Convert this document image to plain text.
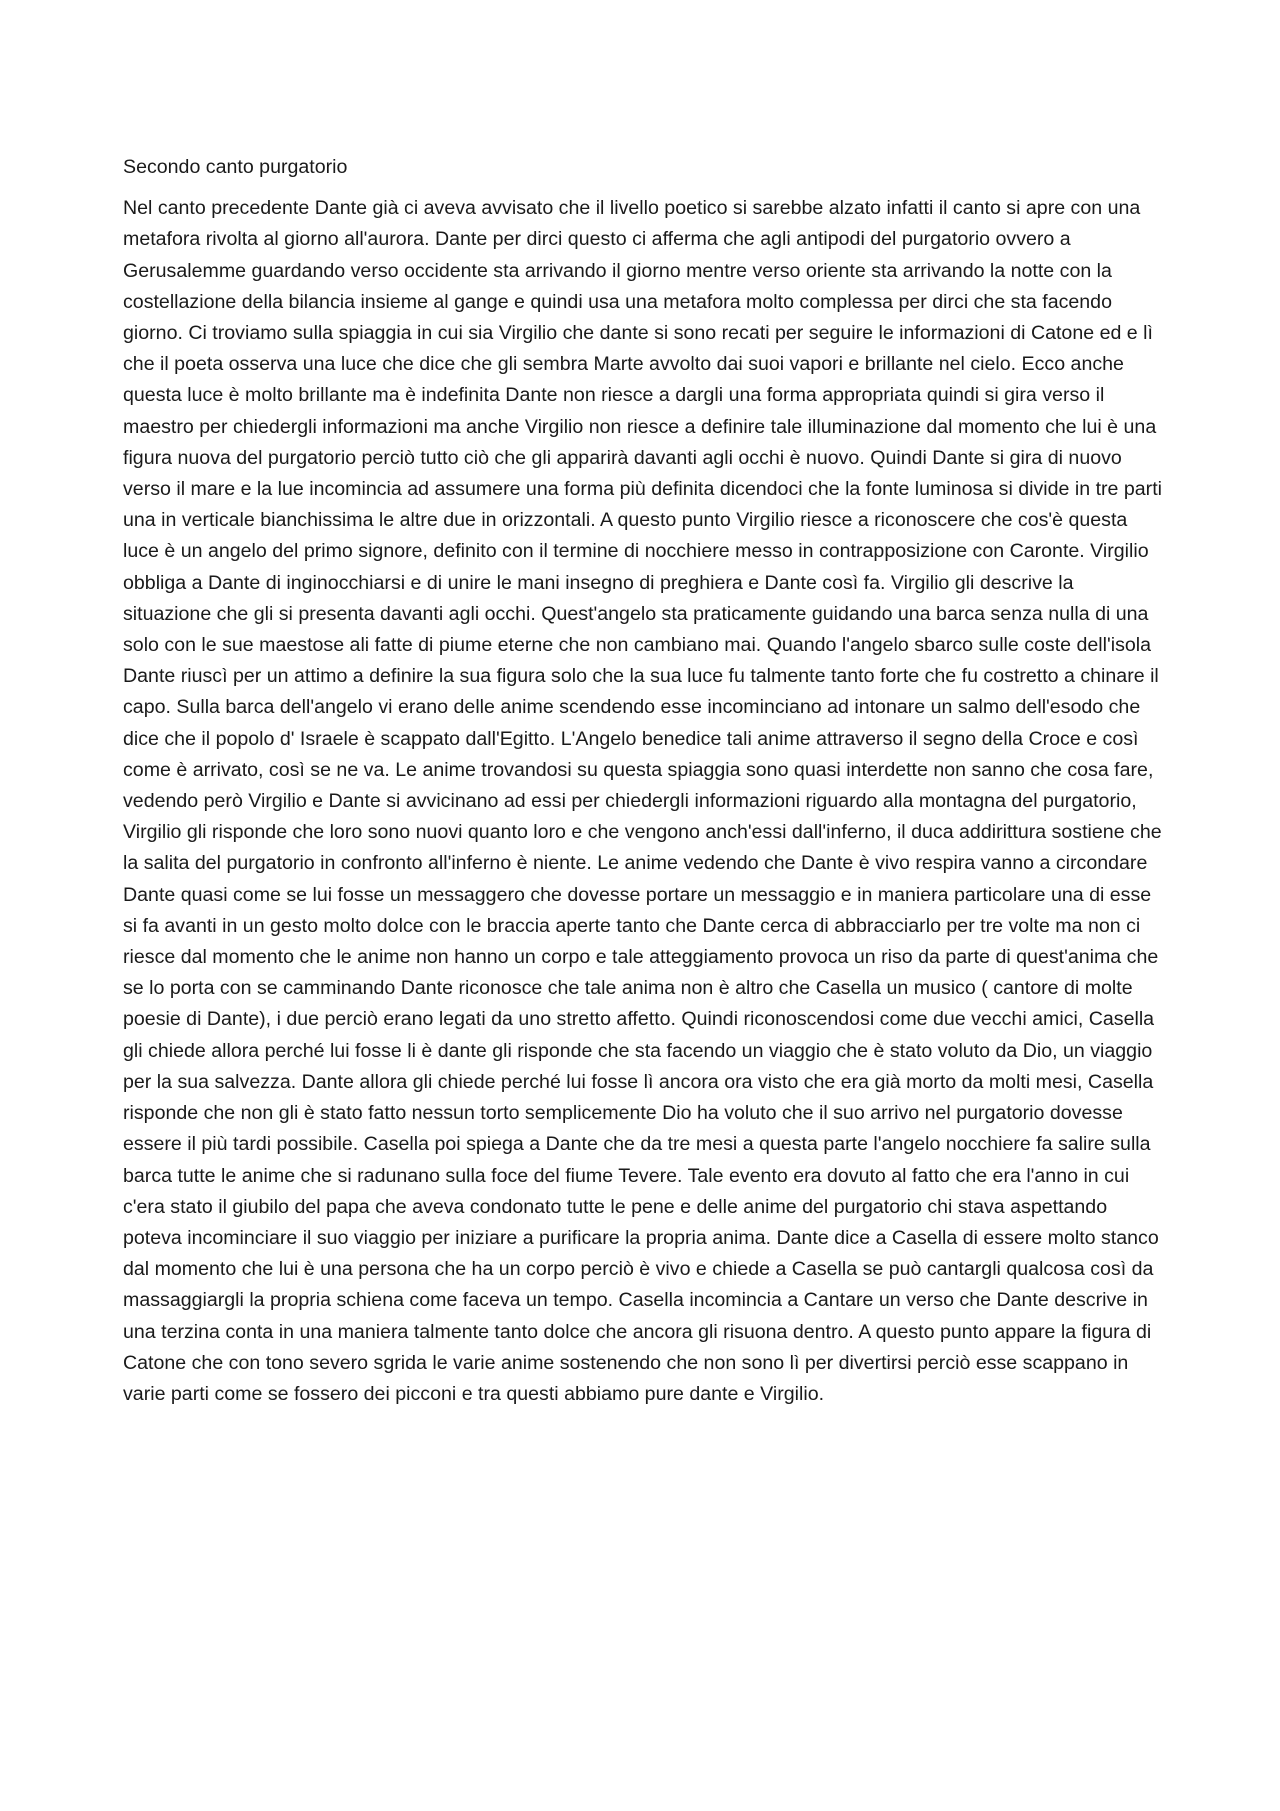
Secondo canto purgatorio

Nel canto precedente Dante già ci aveva avvisato che il livello poetico si sarebbe alzato infatti il canto si apre con una metafora rivolta al giorno all'aurora. Dante per dirci questo ci afferma che agli antipodi del purgatorio ovvero a Gerusalemme guardando verso occidente sta arrivando il giorno mentre verso oriente sta arrivando la notte con la costellazione della bilancia insieme al gange e quindi usa una metafora molto complessa per dirci che sta facendo giorno. Ci troviamo sulla spiaggia in cui sia Virgilio che dante si sono recati per seguire le informazioni di Catone ed e lì che il poeta osserva una luce che dice che gli sembra Marte avvolto dai suoi vapori e brillante nel cielo. Ecco anche questa luce è molto brillante ma è indefinita Dante non riesce a dargli una forma appropriata quindi si gira verso il maestro per chiedergli informazioni ma anche Virgilio non riesce a definire tale illuminazione dal momento che lui è una figura nuova del purgatorio perciò tutto ciò che gli apparirà davanti agli occhi è nuovo. Quindi Dante si gira di nuovo verso il mare e la lue incomincia ad assumere una forma più definita dicendoci che la fonte luminosa si divide in tre parti una in verticale bianchissima le altre due in orizzontali. A questo punto Virgilio riesce a riconoscere che cos'è questa luce è un angelo del primo signore, definito con il termine di nocchiere messo in contrapposizione con Caronte. Virgilio obbliga a Dante di inginocchiarsi e di unire le mani insegno di preghiera e Dante così fa. Virgilio gli descrive la situazione che gli si presenta davanti agli occhi. Quest'angelo sta praticamente guidando una barca senza nulla di una solo con le sue maestose ali fatte di piume eterne che non cambiano mai. Quando l'angelo sbarco sulle coste dell'isola Dante riuscì per un attimo a definire la sua figura solo che la sua luce fu talmente tanto forte che fu costretto a chinare il capo. Sulla barca dell'angelo vi erano delle anime scendendo esse incominciano ad intonare un salmo dell'esodo che dice che il popolo d' Israele è scappato dall'Egitto. L'Angelo benedice tali anime attraverso il segno della Croce e così come è arrivato, così se ne va. Le anime trovandosi su questa spiaggia sono quasi interdette non sanno che cosa fare, vedendo però Virgilio e Dante si avvicinano ad essi per chiedergli informazioni riguardo alla montagna del purgatorio, Virgilio gli risponde che loro sono nuovi quanto loro e che vengono anch'essi dall'inferno, il duca addirittura sostiene che la salita del purgatorio in confronto all'inferno è niente. Le anime vedendo che Dante è vivo respira vanno a circondare Dante quasi come se lui fosse un messaggero che dovesse portare un messaggio e in maniera particolare una di esse si fa avanti in un gesto molto dolce con le braccia aperte tanto che Dante cerca di abbracciarlo per tre volte ma non ci riesce dal momento che le anime non hanno un corpo e tale atteggiamento provoca un riso da parte di quest'anima che se lo porta con se camminando Dante riconosce che tale anima non è altro che Casella un musico ( cantore di molte poesie di Dante), i due perciò erano legati da uno stretto affetto. Quindi riconoscendosi come due vecchi amici, Casella gli chiede allora perché lui fosse li è dante gli risponde che sta facendo un viaggio che è stato voluto da Dio, un viaggio per la sua salvezza. Dante allora gli chiede perché lui fosse lì ancora ora visto che era già morto da molti mesi, Casella risponde che non gli è stato fatto nessun torto semplicemente Dio ha voluto che il suo arrivo nel purgatorio dovesse essere il più tardi possibile. Casella poi spiega a Dante che da tre mesi a questa parte l'angelo nocchiere fa salire sulla barca tutte le anime che si radunano sulla foce del fiume Tevere. Tale evento era dovuto al fatto che era l'anno in cui c'era stato il giubilo del papa che aveva condonato tutte le pene e delle anime del purgatorio chi stava aspettando poteva incominciare il suo viaggio per iniziare a purificare la propria anima. Dante dice a Casella di essere molto stanco dal momento che lui è una persona che ha un corpo perciò è vivo e chiede a Casella se può cantargli qualcosa così da massaggiargli la propria schiena come faceva un tempo. Casella incomincia a Cantare un verso che Dante descrive in una terzina conta in una maniera talmente tanto dolce che ancora gli risuona dentro. A questo punto appare la figura di Catone che con tono severo sgrida le varie anime sostenendo che non sono lì per divertirsi perciò esse scappano in varie parti come se fossero dei picconi e tra questi abbiamo pure dante e Virgilio.
